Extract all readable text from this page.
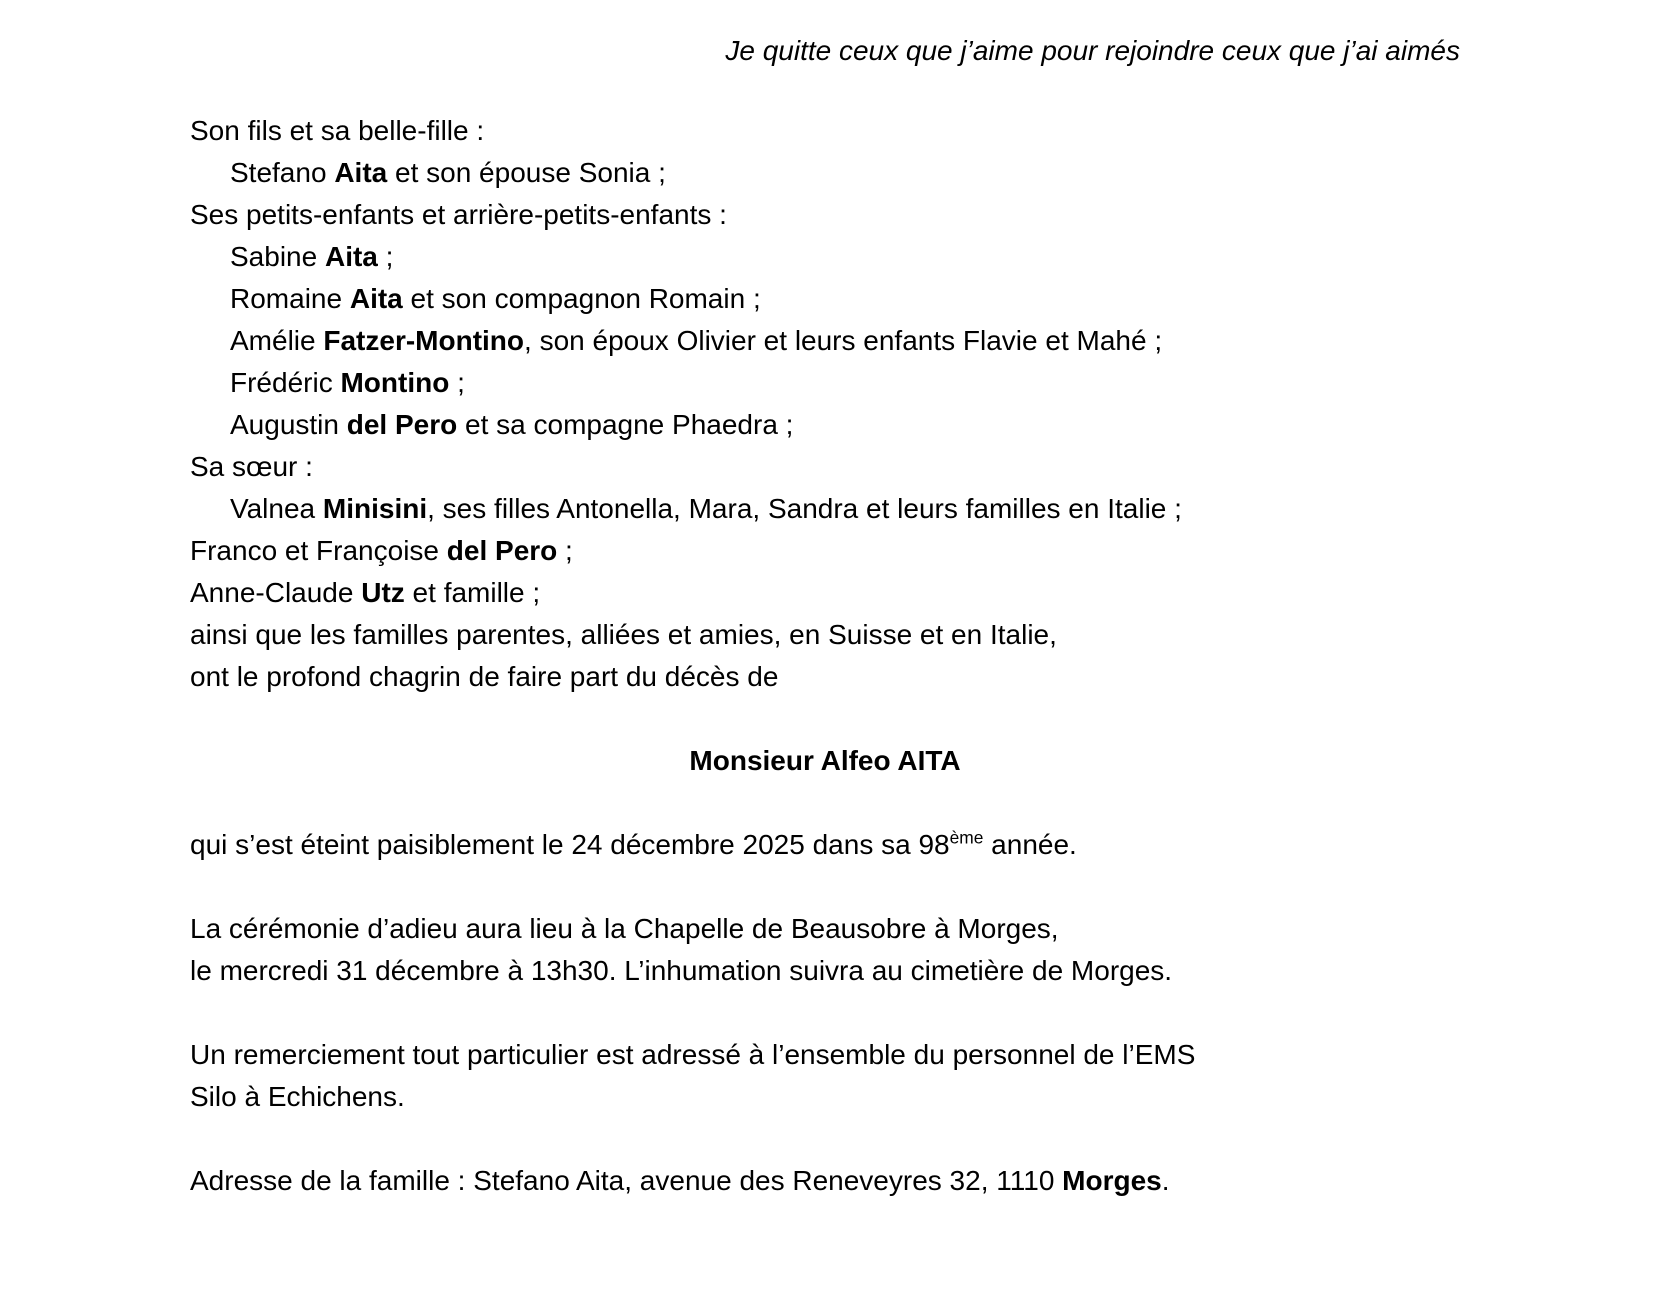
Je quitte ceux que j’aime pour rejoindre ceux que j’ai aimés
Son fils et sa belle-fille :
Stefano Aita et son épouse Sonia ;
Ses petits-enfants et arrière-petits-enfants :
Sabine Aita ;
Romaine Aita et son compagnon Romain ;
Amélie Fatzer-Montino, son époux Olivier et leurs enfants Flavie et Mahé ;
Frédéric Montino ;
Augustin del Pero et sa compagne Phaedra ;
Sa sœur :
Valnea Minisini, ses filles Antonella, Mara, Sandra et leurs familles en Italie ;
Franco et Françoise del Pero ;
Anne-Claude Utz et famille ;
ainsi que les familles parentes, alliées et amies, en Suisse et en Italie,
ont le profond chagrin de faire part du décès de
Monsieur Alfeo AITA
qui s’est éteint paisiblement le 24 décembre 2025 dans sa 98ème année.
La cérémonie d’adieu aura lieu à la Chapelle de Beausobre à Morges,
le mercredi 31 décembre à 13h30. L’inhumation suivra au cimetière de Morges.
Un remerciement tout particulier est adressé à l’ensemble du personnel de l’EMS
Silo à Echichens.
Adresse de la famille : Stefano Aita, avenue des Reneveyres 32, 1110 Morges.
